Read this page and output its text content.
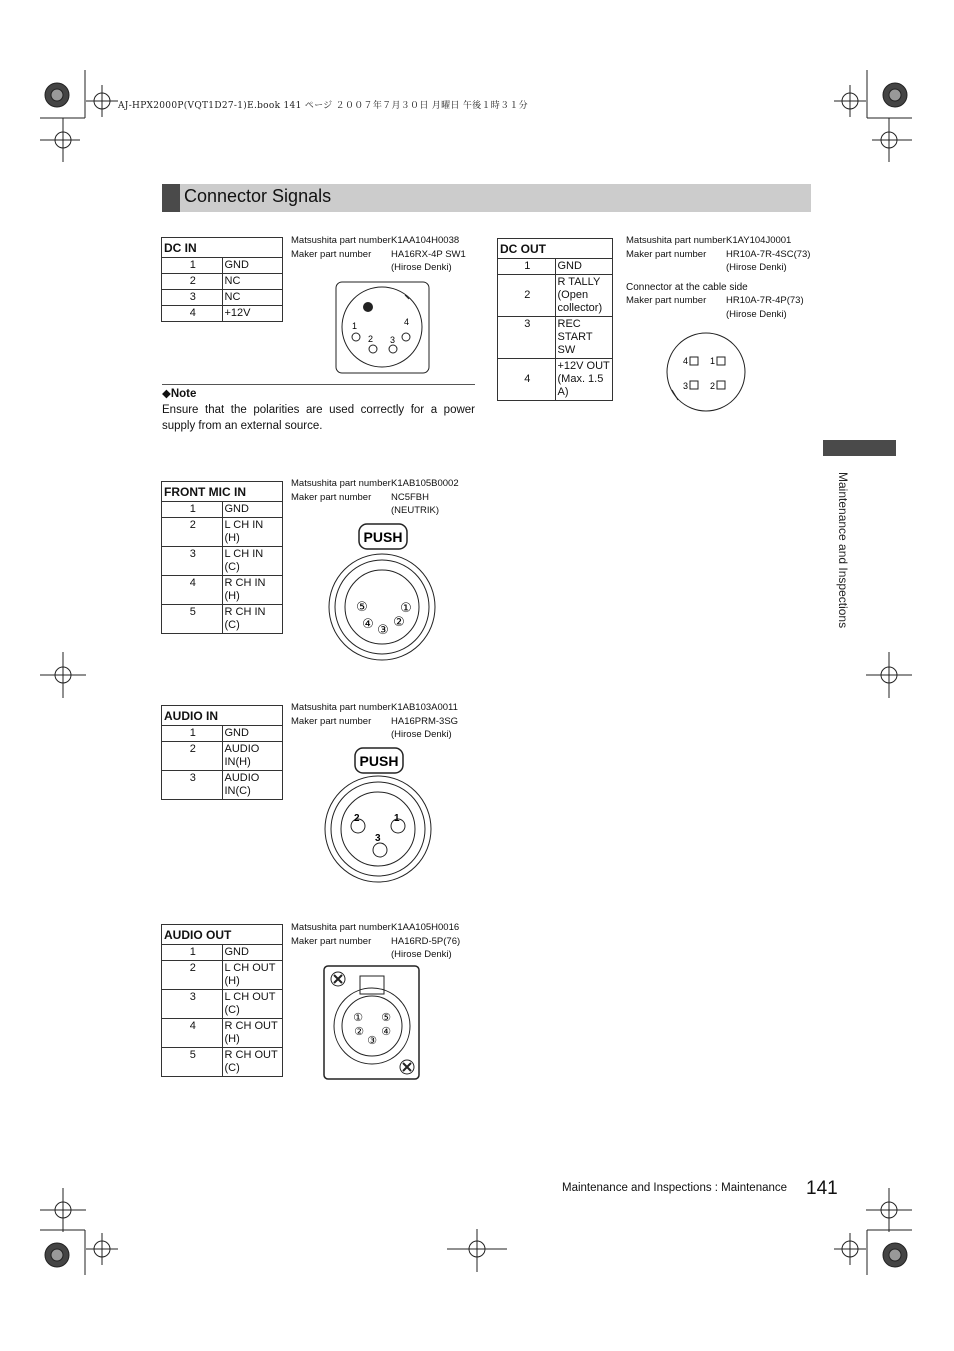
AJ-HPX2000P(VQT1D27-1)E.book 141 ページ ２００７年７月３０日 月曜日 午後１時３１分
Connector Signals
DC IN	
1	GND
2	NC
3	NC
4	+12V
Matsushita part numberK1AA104H0038
Maker part number HA16RX-4P SW1
(Hirose Denki)
1
2 3
4
◆Note
Ensure that the polarities are used correctly for a power supply from an external source.
DC OUT	
1	GND
2	R TALLY
(Open collector)

3	REC START SW
4	+12V OUT
(Max. 1.5 A)
Matsushita part numberK1AY104J0001
Maker part number HR10A-7R-4SC(73)
(Hirose Denki)
Connector at the cable side
Maker part number HR10A-7R-4P(73)
(Hirose Denki)
1
2
3
4
Maintenance and Inspections
FRONT MIC IN	
1	GND
2	L CH IN (H)
3	L CH IN (C)
4	R CH IN (H)
5	R CH IN (C)
Matsushita part numberK1AB105B0002
Maker part number NC5FBH
(NEUTRIK)
PUSH
①
②
③
④
⑤
AUDIO IN	
1	GND
2	AUDIO IN(H)
3	AUDIO IN(C)
Matsushita part numberK1AB103A0011
Maker part number HA16PRM-3SG
(Hirose Denki)
PUSH
1
2
3
AUDIO OUT	
1	GND
2	L CH OUT (H)
3	L CH OUT (C)
4	R CH OUT (H)
5	R CH OUT (C)
Matsushita part numberK1AA105H0016
Maker part number HA16RD-5P(76)
(Hirose Denki)
①
②
③
④
⑤
Maintenance and Inspections : Maintenance 141
